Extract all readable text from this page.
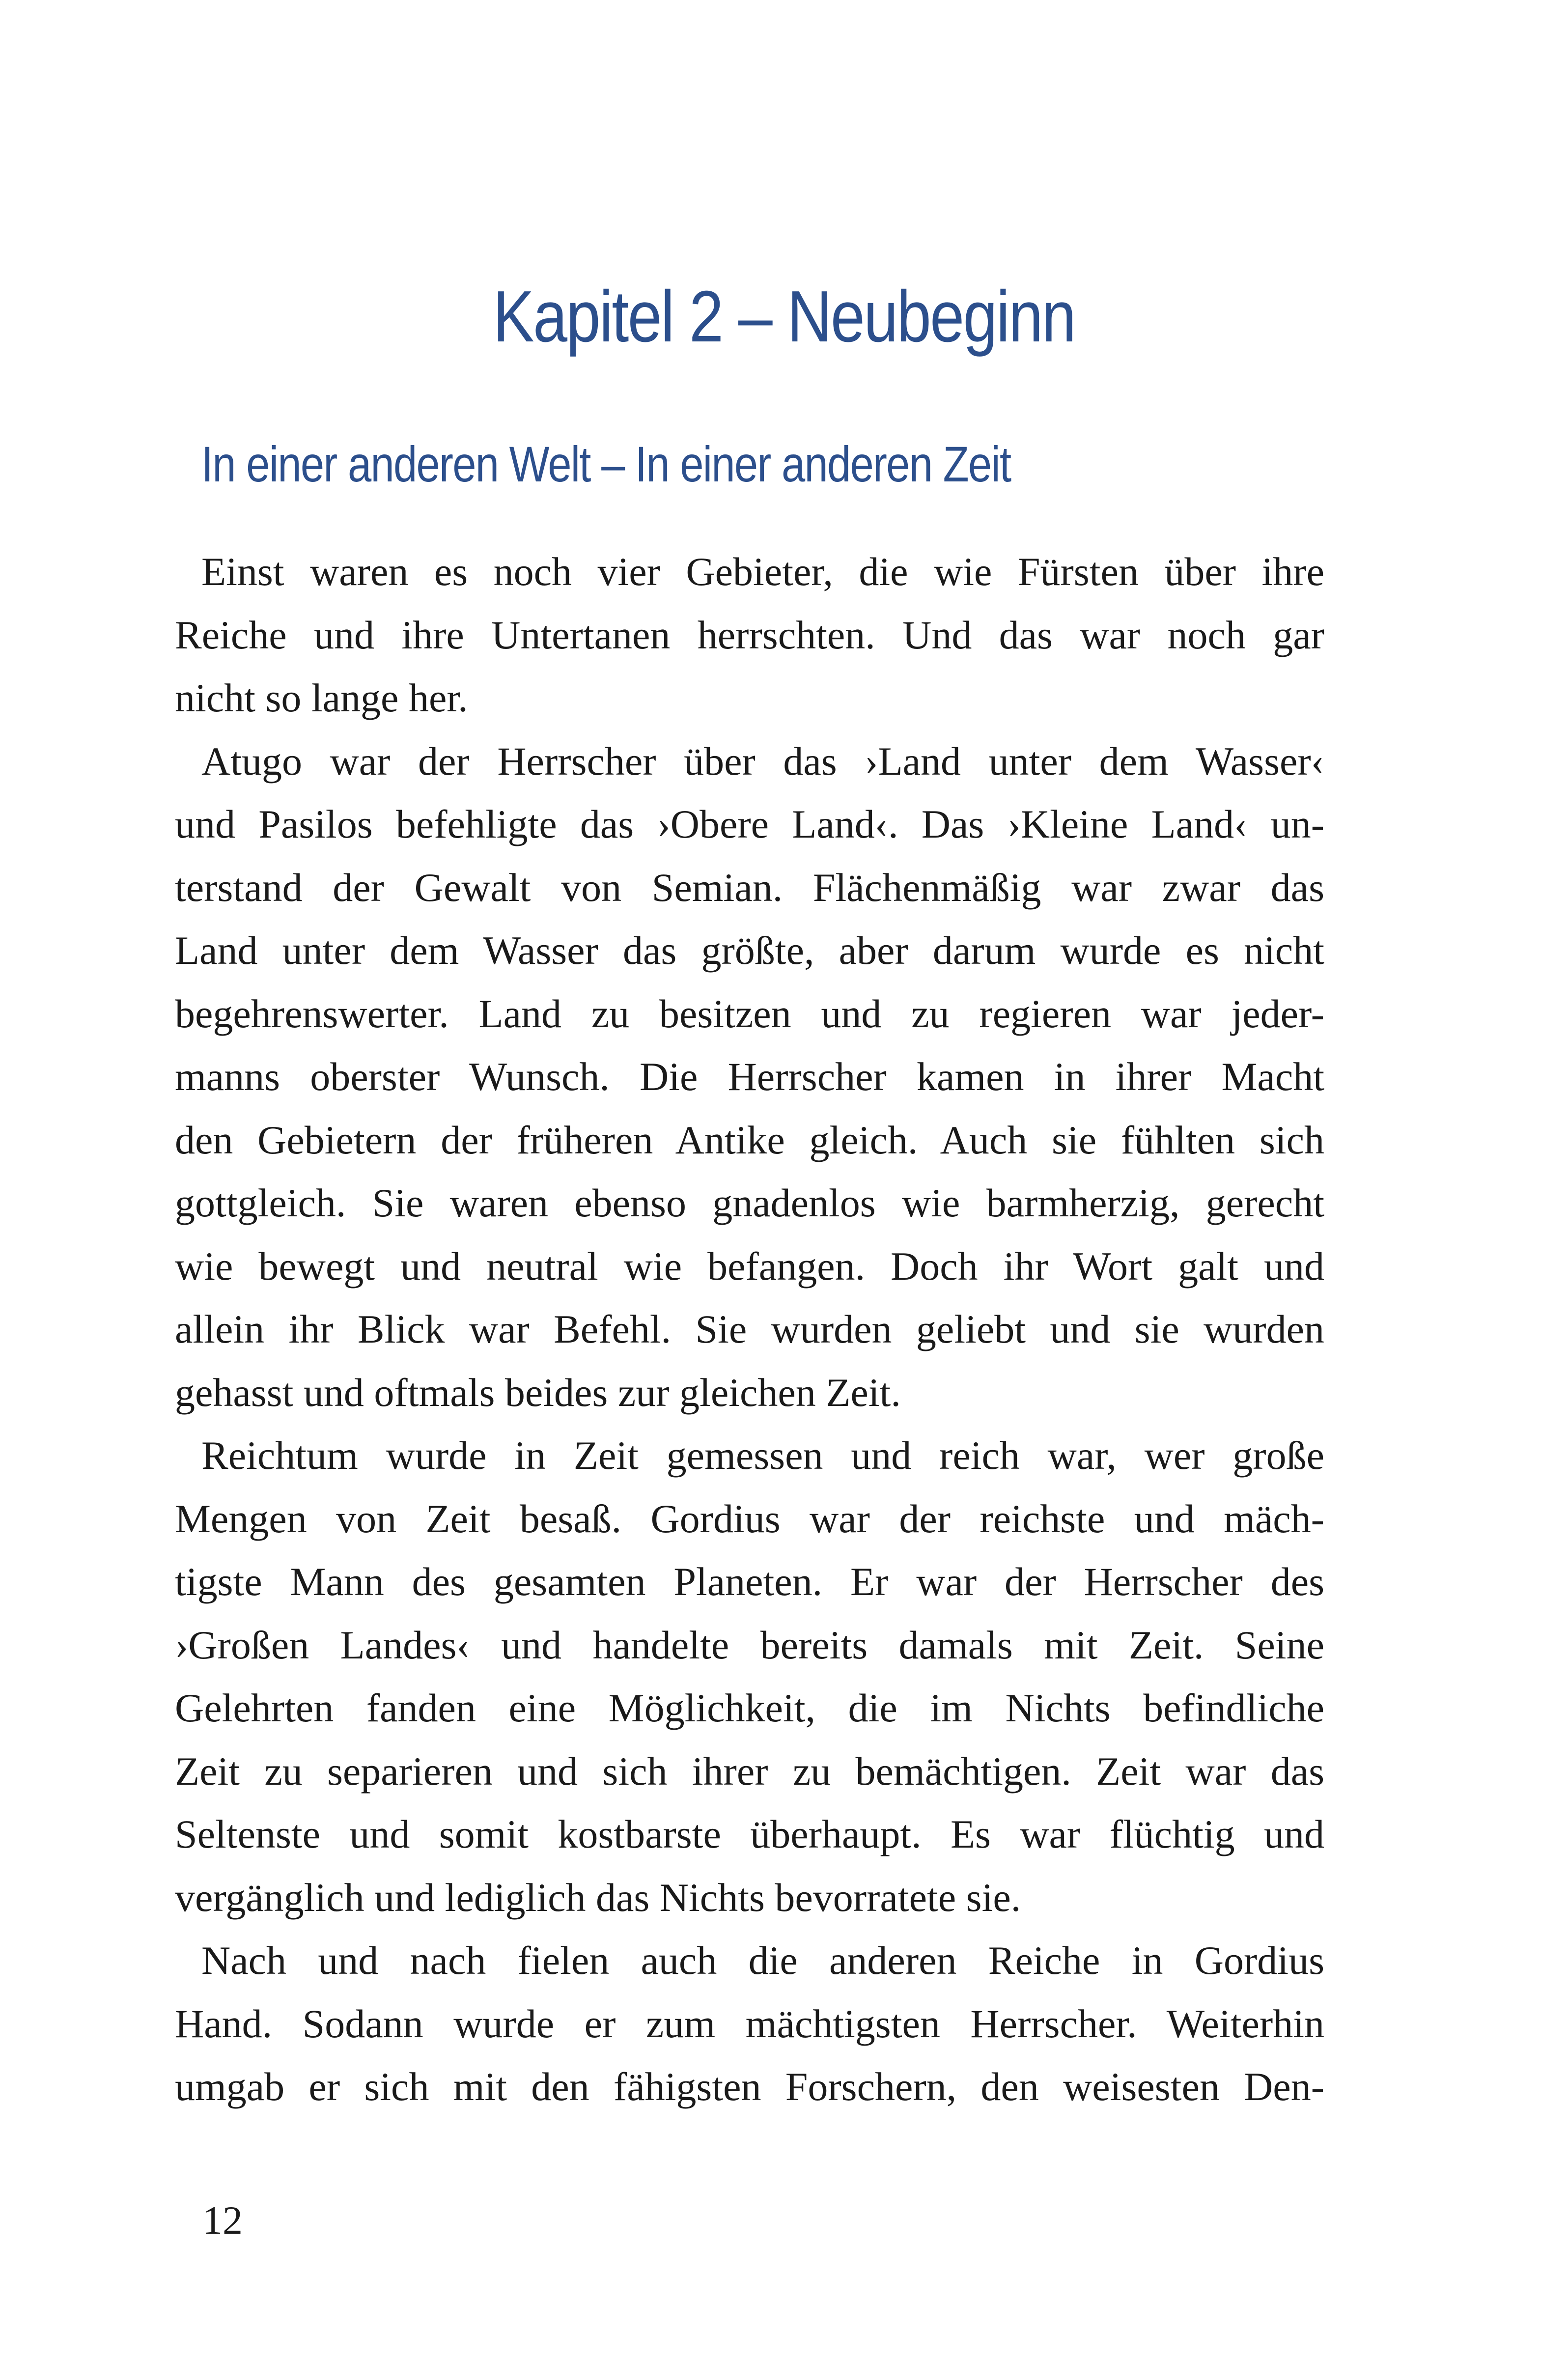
Kapitel 2 – Neubeginn
In einer anderen Welt – In einer anderen Zeit

Einst waren es noch vier Gebieter, die wie Fürsten über ihre
Reiche und ihre Untertanen herrschten. Und das war noch gar
nicht so lange her.

Atugo war der Herrscher über das ›Land unter dem Wasser‹
und Pasilos befehligte das ›Obere Land‹. Das ›Kleine Land‹ un-
terstand der Gewalt von Semian. Flächenmäßig war zwar das
Land unter dem Wasser das größte, aber darum wurde es nicht
begehrenswerter. Land zu besitzen und zu regieren war jeder-
manns oberster Wunsch. Die Herrscher kamen in ihrer Macht
den Gebietern der früheren Antike gleich. Auch sie fühlten sich
gottgleich. Sie waren ebenso gnadenlos wie barmherzig, gerecht
wie bewegt und neutral wie befangen. Doch ihr Wort galt und
allein ihr Blick war Befehl. Sie wurden geliebt und sie wurden
gehasst und oftmals beides zur gleichen Zeit.

Reichtum wurde in Zeit gemessen und reich war, wer große
Mengen von Zeit besaß. Gordius war der reichste und mäch-
tigste Mann des gesamten Planeten. Er war der Herrscher des
›Großen Landes‹ und handelte bereits damals mit Zeit. Seine
Gelehrten fanden eine Möglichkeit, die im Nichts befindliche
Zeit zu separieren und sich ihrer zu bemächtigen. Zeit war das
Seltenste und somit kostbarste überhaupt. Es war flüchtig und
vergänglich und lediglich das Nichts bevorratete sie.

Nach und nach fielen auch die anderen Reiche in Gordius
Hand. Sodann wurde er zum mächtigsten Herrscher. Weiterhin
umgab er sich mit den fähigsten Forschern, den weisesten Den-

12
